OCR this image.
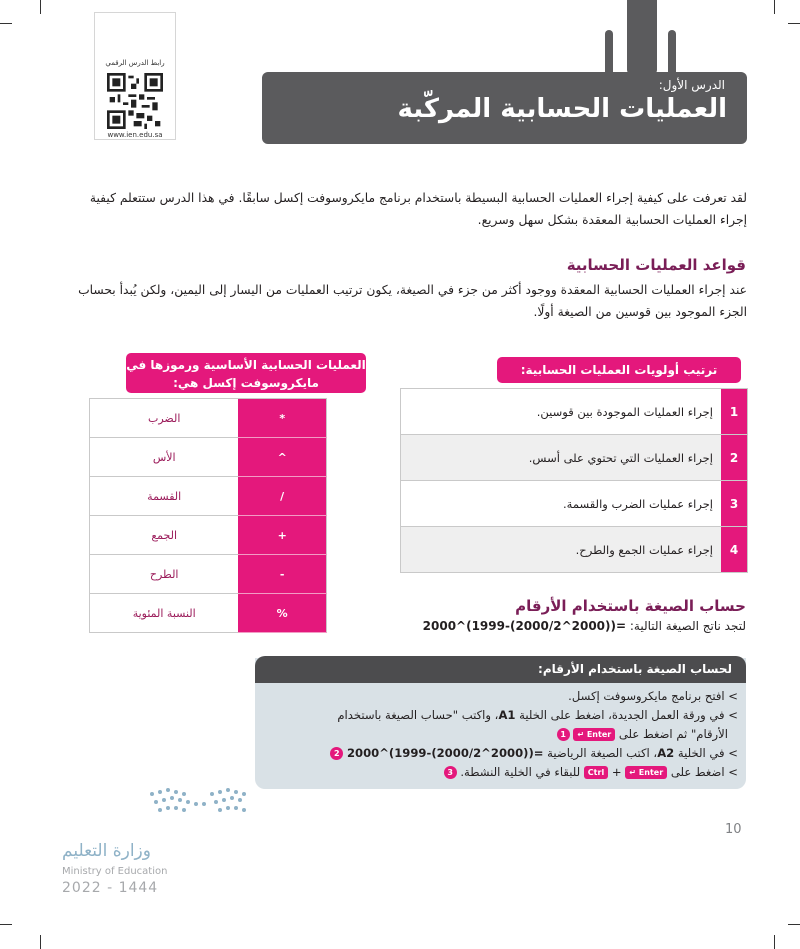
رابط الدرس الرقمي
www.ien.edu.sa
الدرس الأول:
العمليات الحسابية المركّبة
لقد تعرفت على كيفية إجراء العمليات الحسابية البسيطة باستخدام برنامج مايكروسوفت إكسل سابقًا. في هذا الدرس ستتعلم كيفية إجراء العمليات الحسابية المعقدة بشكل سهل وسريع.
قواعد العمليات الحسابية
عند إجراء العمليات الحسابية المعقدة ووجود أكثر من جزء في الصيغة، يكون ترتيب العمليات من اليسار إلى اليمين، ولكن يُبدأ بحساب الجزء الموجود بين قوسين من الصيغة أولًا.
ترتيب أولويات العمليات الحسابية:
1
إجراء العمليات الموجودة بين قوسين.
2
إجراء العمليات التي تحتوي على أسس.
3
إجراء عمليات الضرب والقسمة.
4
إجراء عمليات الجمع والطرح.
العمليات الحسابية الأساسية ورموزها في مايكروسوفت إكسل هي:
الضرب	*
الأس	^
القسمة	/
الجمع	+
الطرح	-
النسبة المئوية	%	حساب الصيغة باستخدام الأرقام
لتجد ناتج الصيغة التالية: 2000^(1999-(2000/2^2000))=
لحساب الصيغة باستخدام الأرقام:
> افتح برنامج مايكروسوفت إكسل.
> في ورقة العمل الجديدة، اضغط على الخلية A1، واكتب "حساب الصيغة باستخدام
الأرقام" ثم اضغط على Enter ↵ 1
> في الخلية A2، اكتب الصيغة الرياضية 2000^(1999-(2000/2^2000))= 2
> اضغط على Enter ↵ + Ctrl للبقاء في الخلية النشطة. 3
وزارة التعليم
Ministry of Education
2022 - 1444
10
